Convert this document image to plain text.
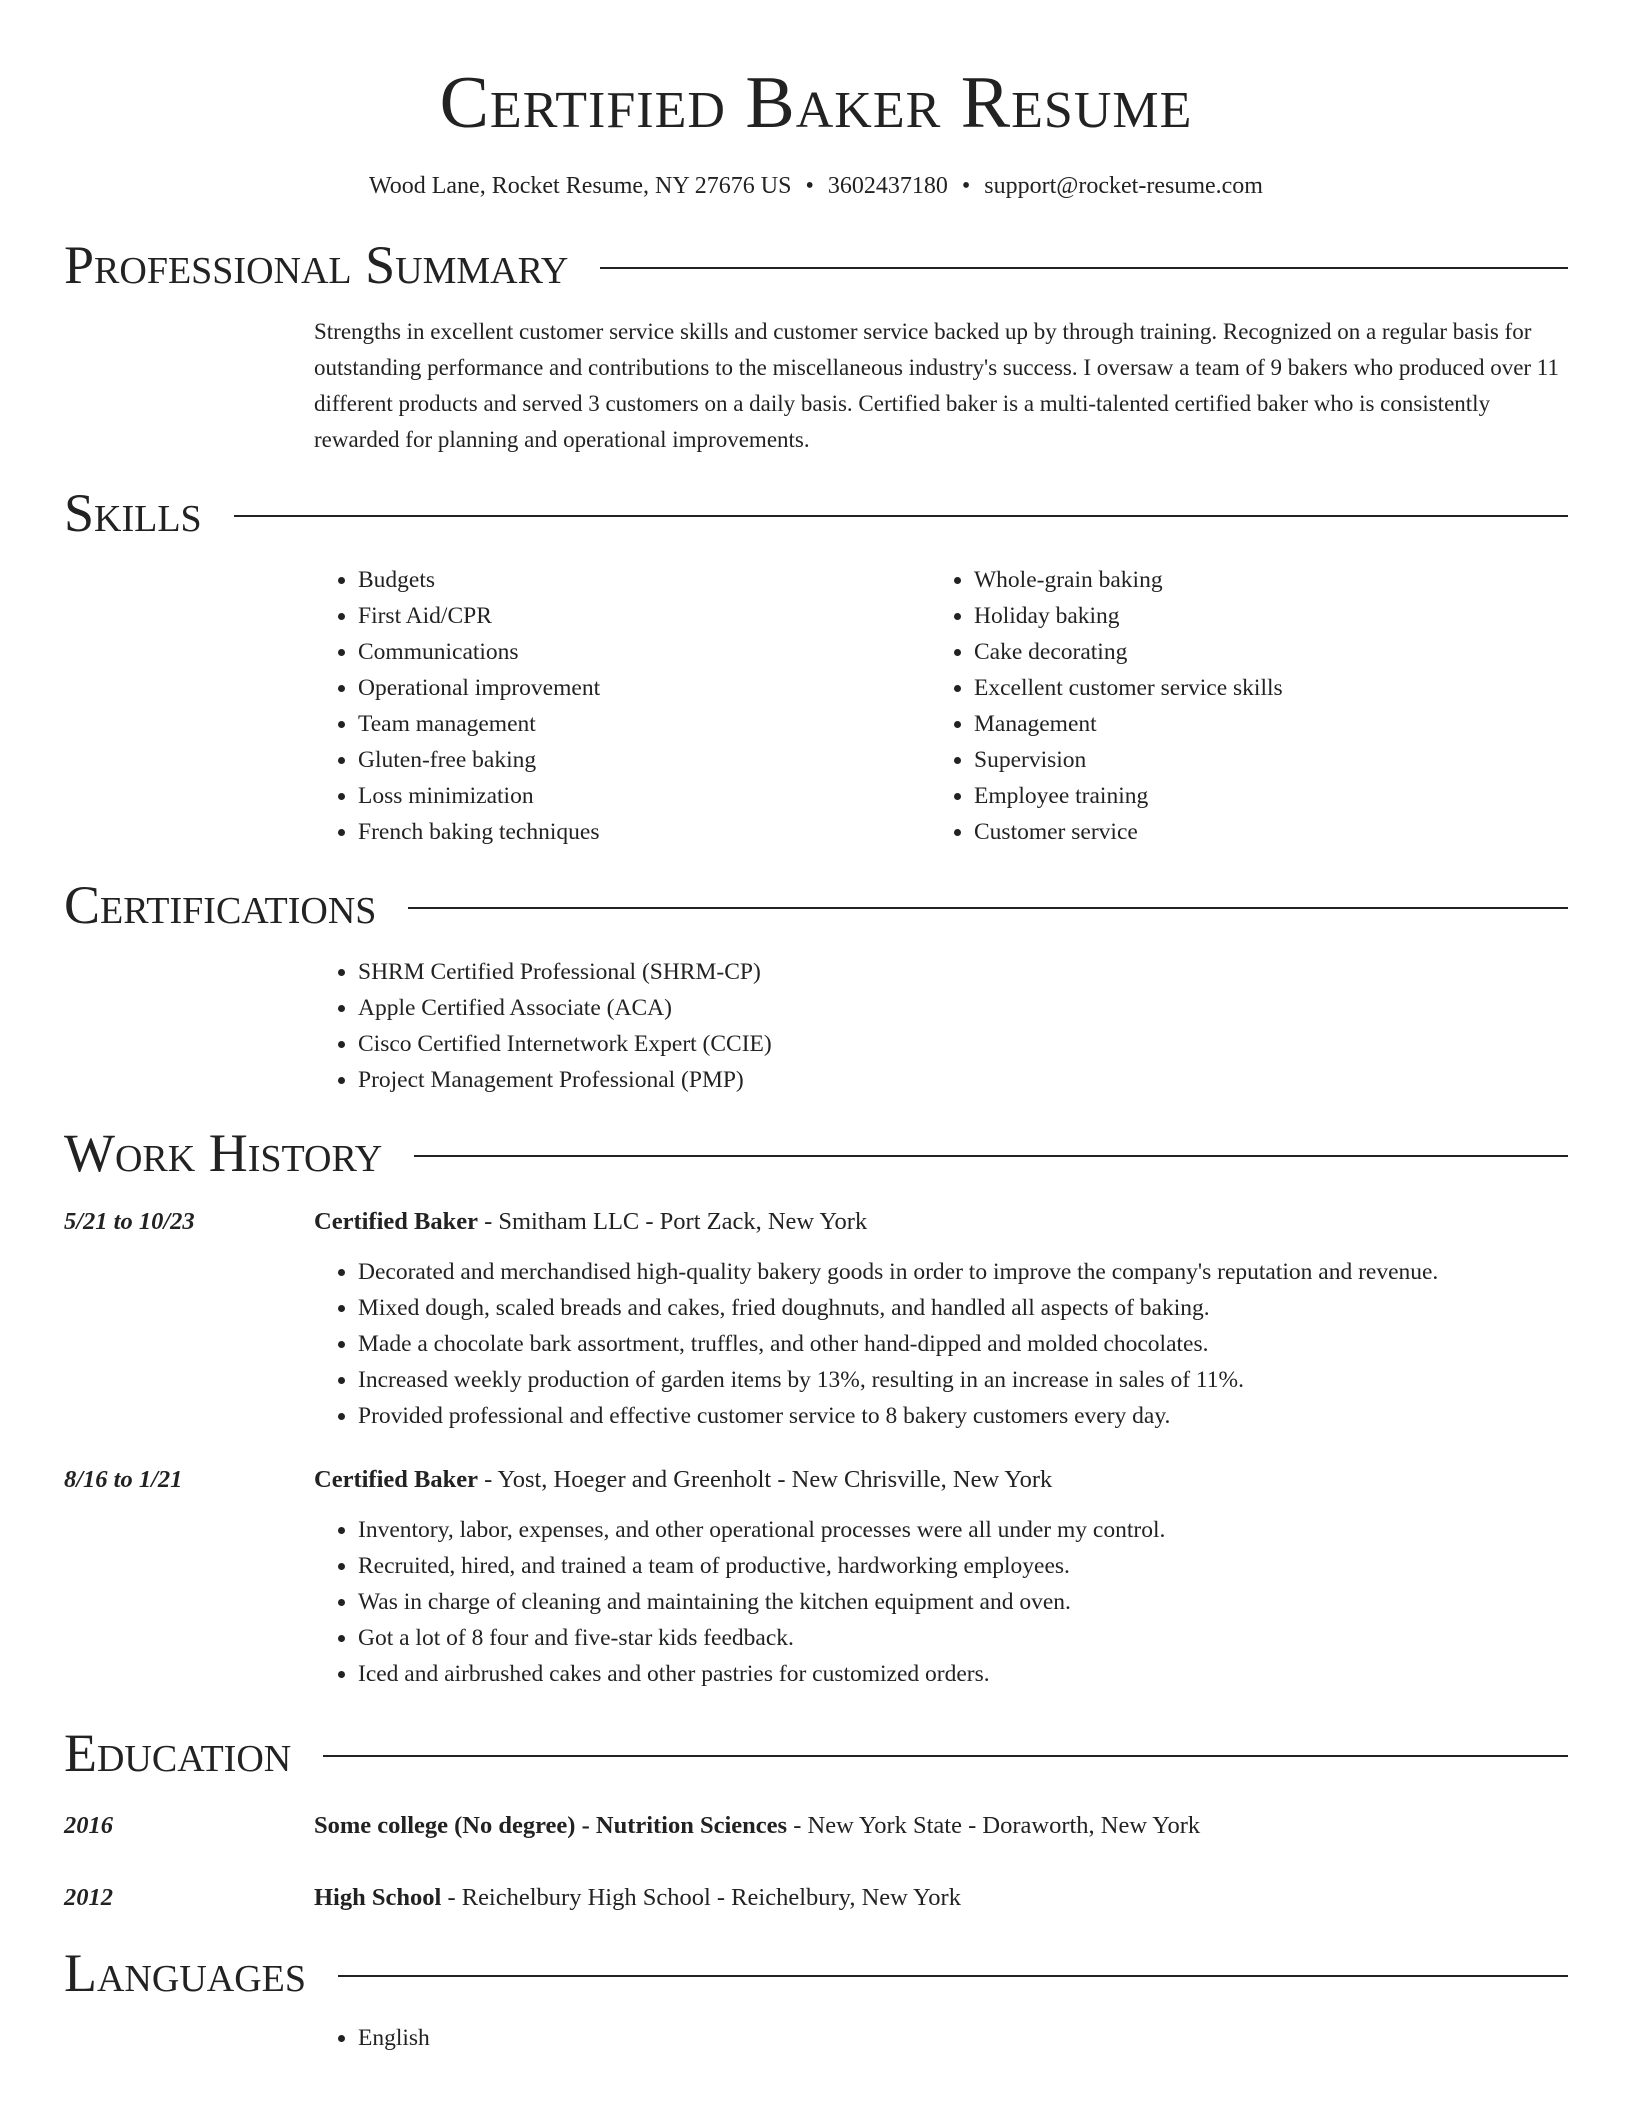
Certified Baker Resume
Wood Lane, Rocket Resume, NY 27676 US • 3602437180 • support@rocket-resume.com
Professional Summary
Strengths in excellent customer service skills and customer service backed up by through training. Recognized on a regular basis for outstanding performance and contributions to the miscellaneous industry's success. I oversaw a team of 9 bakers who produced over 11 different products and served 3 customers on a daily basis. Certified baker is a multi-talented certified baker who is consistently rewarded for planning and operational improvements.
Skills
• Budgets
• First Aid/CPR
• Communications
• Operational improvement
• Team management
• Gluten-free baking
• Loss minimization
• French baking techniques
• Whole-grain baking
• Holiday baking
• Cake decorating
• Excellent customer service skills
• Management
• Supervision
• Employee training
• Customer service
Certifications
• SHRM Certified Professional (SHRM-CP)
• Apple Certified Associate (ACA)
• Cisco Certified Internetwork Expert (CCIE)
• Project Management Professional (PMP)
Work History
5/21 to 10/23	Certified Baker - Smitham LLC - Port Zack, New York
• Decorated and merchandised high-quality bakery goods in order to improve the company's reputation and revenue.
• Mixed dough, scaled breads and cakes, fried doughnuts, and handled all aspects of baking.
• Made a chocolate bark assortment, truffles, and other hand-dipped and molded chocolates.
• Increased weekly production of garden items by 13%, resulting in an increase in sales of 11%.
• Provided professional and effective customer service to 8 bakery customers every day.
8/16 to 1/21	Certified Baker - Yost, Hoeger and Greenholt - New Chrisville, New York
• Inventory, labor, expenses, and other operational processes were all under my control.
• Recruited, hired, and trained a team of productive, hardworking employees.
• Was in charge of cleaning and maintaining the kitchen equipment and oven.
• Got a lot of 8 four and five-star kids feedback.
• Iced and airbrushed cakes and other pastries for customized orders.
Education
2016	Some college (No degree) - Nutrition Sciences - New York State - Doraworth, New York
2012	High School - Reichelbury High School - Reichelbury, New York
Languages
• English
